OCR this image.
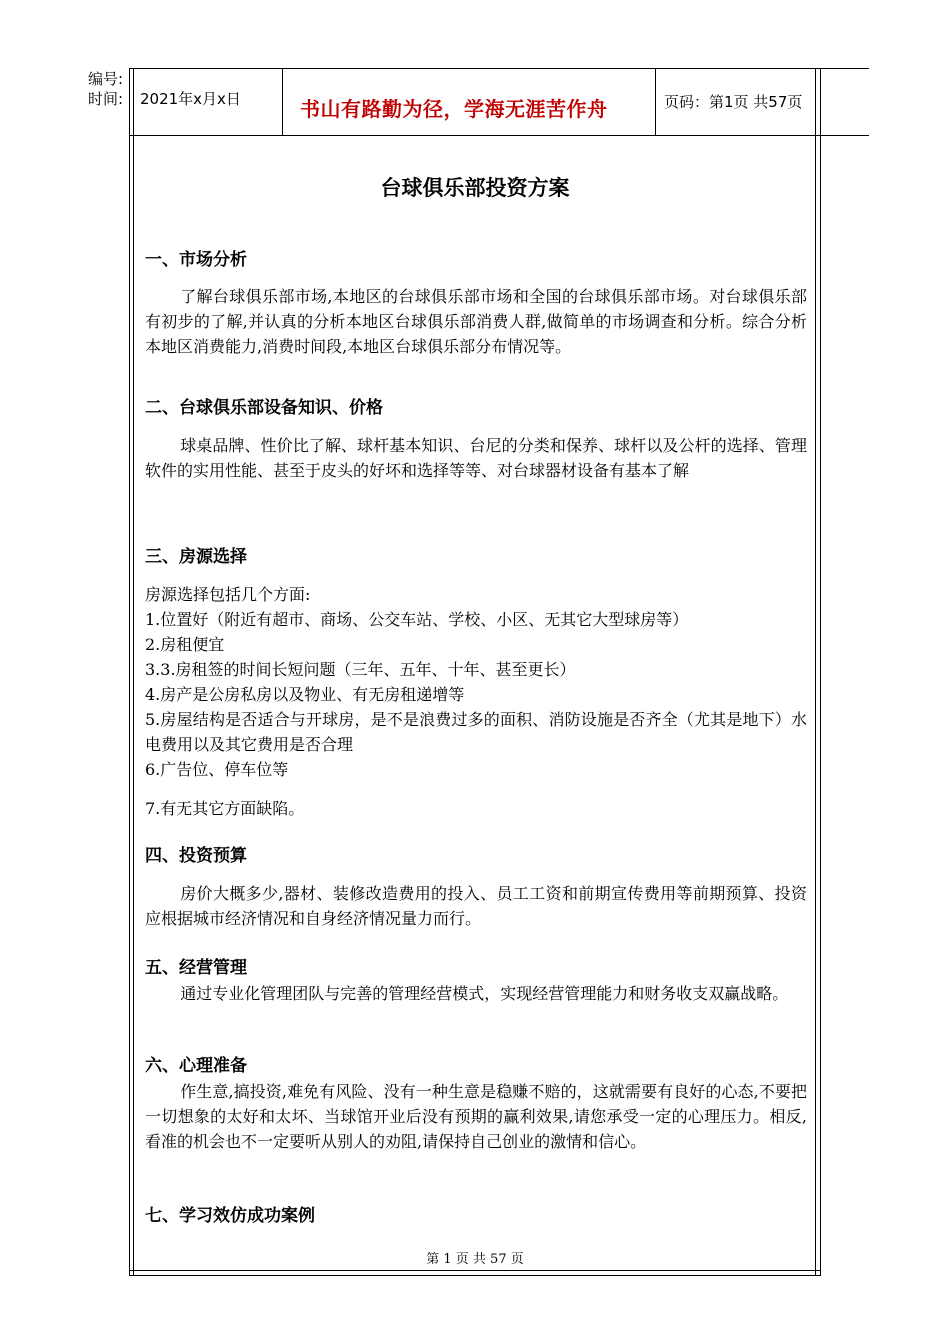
编号:
时间: 2021年x月x日	书山有路勤为径，学海无涯苦作舟	页码：第1页 共57页
台球俱乐部投资方案
一、市场分析

了解台球俱乐部市场,本地区的台球俱乐部市场和全国的台球俱乐部市场。对台球俱乐部有初步的了解,并认真的分析本地区台球俱乐部消费人群,做简单的市场调查和分析。综合分析本地区消费能力,消费时间段,本地区台球俱乐部分布情况等。

二、台球俱乐部设备知识、价格

球桌品牌、性价比了解、球杆基本知识、台尼的分类和保养、球杆以及公杆的选择、管理软件的实用性能、甚至于皮头的好坏和选择等等、对台球器材设备有基本了解

三、房源选择
房源选择包括几个方面:
1.位置好（附近有超市、商场、公交车站、学校、小区、无其它大型球房等）
2.房租便宜
3.3.房租签的时间长短问题（三年、五年、十年、甚至更长）
4.房产是公房私房以及物业、有无房租递增等
5.房屋结构是否适合与开球房，是不是浪费过多的面积、消防设施是否齐全（尤其是地下）水电费用以及其它费用是否合理
6.广告位、停车位等
7.有无其它方面缺陷。
四、投资预算

房价大概多少,器材、装修改造费用的投入、员工工资和前期宣传费用等前期预算、投资应根据城市经济情况和自身经济情况量力而行。

五、经营管理

通过专业化管理团队与完善的管理经营模式，实现经营管理能力和财务收支双赢战略。

六、心理准备

作生意,搞投资,难免有风险、没有一种生意是稳赚不赔的，这就需要有良好的心态,不要把一切想象的太好和太坏、当球馆开业后没有预期的赢利效果,请您承受一定的心理压力。相反,看准的机会也不一定要听从别人的劝阻,请保持自己创业的激情和信心。

七、学习效仿成功案例
第 1 页 共 57 页
